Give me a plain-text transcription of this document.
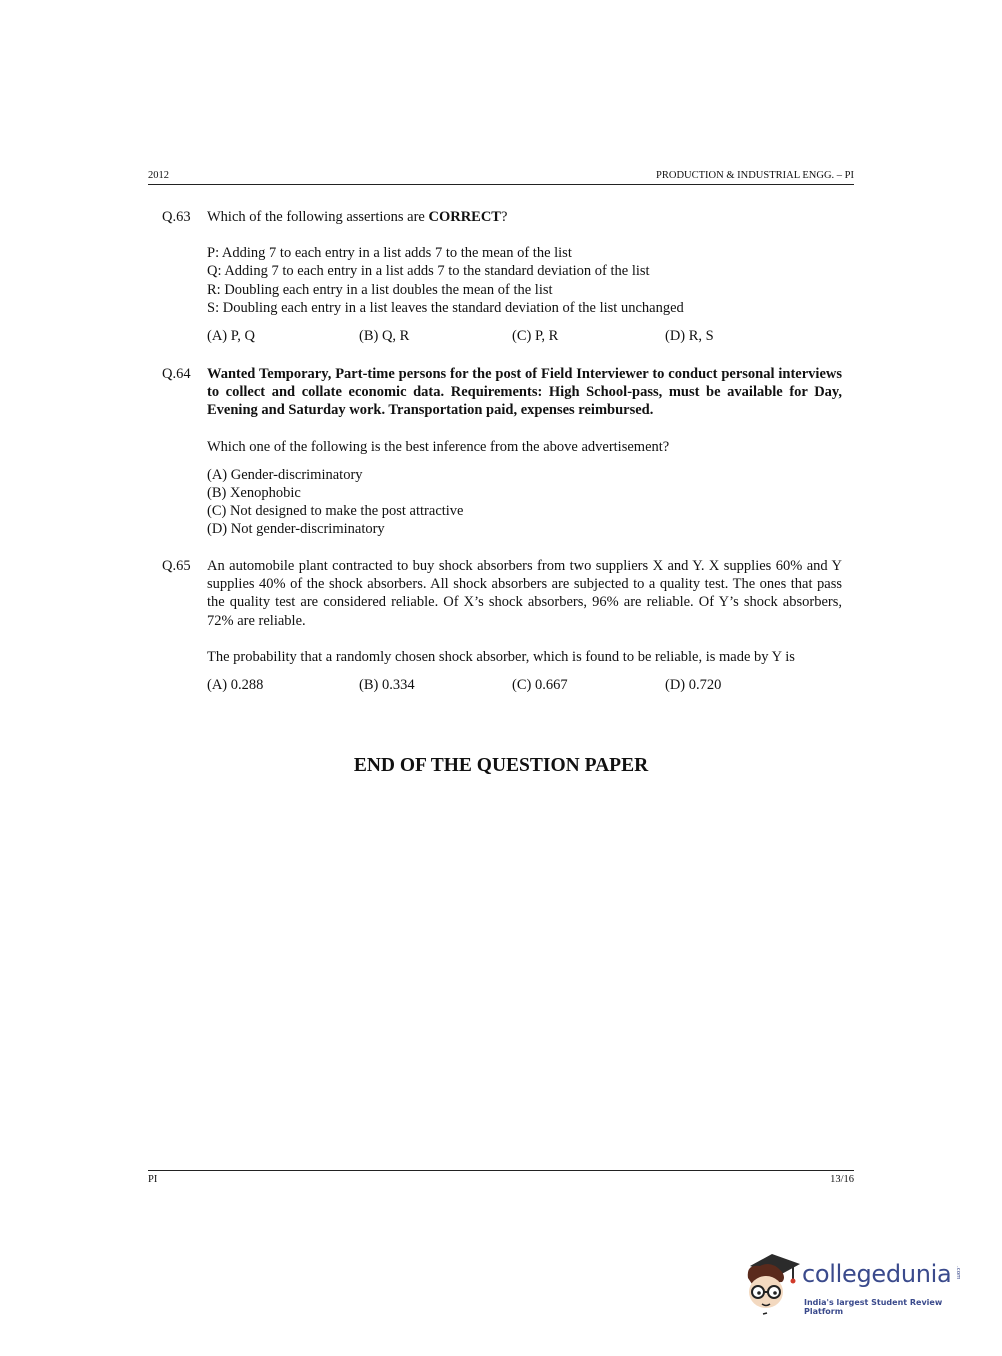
2012	PRODUCTION & INDUSTRIAL ENGG. – PI
Q.63 Which of the following assertions are CORRECT?
P: Adding 7 to each entry in a list adds 7 to the mean of the list
Q: Adding 7 to each entry in a list adds 7 to the standard deviation of the list
R: Doubling each entry in a list doubles the mean of the list
S: Doubling each entry in a list leaves the standard deviation of the list unchanged
(A) P, Q	(B) Q, R	(C) P, R	(D) R, S
Q.64 Wanted Temporary, Part-time persons for the post of Field Interviewer to conduct personal interviews to collect and collate economic data. Requirements: High School-pass, must be available for Day, Evening and Saturday work. Transportation paid, expenses reimbursed.
Which one of the following is the best inference from the above advertisement?
(A) Gender-discriminatory
(B) Xenophobic
(C) Not designed to make the post attractive
(D) Not gender-discriminatory
Q.65 An automobile plant contracted to buy shock absorbers from two suppliers X and Y. X supplies 60% and Y supplies 40% of the shock absorbers. All shock absorbers are subjected to a quality test. The ones that pass the quality test are considered reliable. Of X’s shock absorbers, 96% are reliable. Of Y’s shock absorbers, 72% are reliable.
The probability that a randomly chosen shock absorber, which is found to be reliable, is made by Y is
(A) 0.288	(B) 0.334	(C) 0.667	(D) 0.720
END OF THE QUESTION PAPER
PI	13/16
collegedunia .com
India's largest Student Review Platform
